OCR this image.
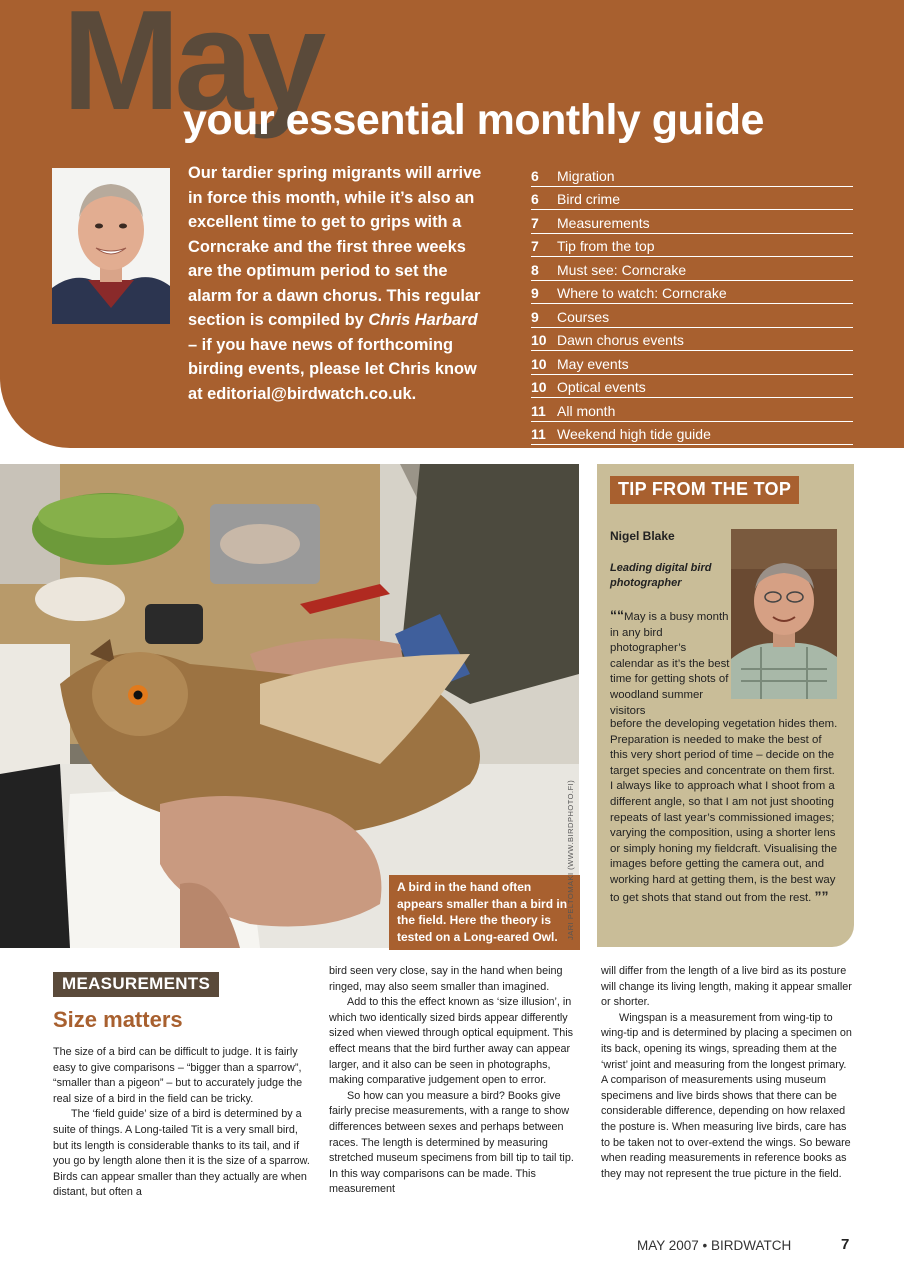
May
your essential monthly guide

Our tardier spring migrants will arrive
in force this month, while it’s also an
excellent time to get to grips with a
Corncrake and the first three weeks
are the optimum period to set the
alarm for a dawn chorus. This regular
section is compiled by Chris Harbard
– if you have news of forthcoming
birding events, please let Chris know
at editorial@birdwatch.co.uk.

6	Migration
6	Bird crime
7	Measurements
7	Tip from the top
8	Must see: Corncrake
9	Where to watch: Corncrake
9	Courses
10 Dawn chorus events
10 May events
10 Optical events
11 All month
11 Weekend high tide guide
A bird in the hand often appears smaller than a bird in the field. Here the theory is tested on a Long-eared Owl.	JARI PELTOMAKI (WWW.BIRDPHOTO.FI)
TIP FROM THE TOP
Nigel Blake
Leading digital bird photographer
““May is a busy month in any bird photographer’s calendar as it’s the best time for getting shots of woodland summer visitors
before the developing vegetation hides them. Preparation is needed to make the best of this very short period of time – decide on the target species and concentrate on them first. I always like to approach what I shoot from a different angle, so that I am not just shooting repeats of last year’s commissioned images; varying the composition, using a shorter lens or simply honing my fieldcraft. Visualising the images before getting the camera out, and working hard at getting them, is the best way to get shots that stand out from the rest. ””
MEASUREMENTS
Size matters

The size of a bird can be difficult to judge. It is fairly easy to give comparisons – “bigger than a sparrow”, “smaller than a pigeon” – but to accurately judge the real size of a bird in the field can be tricky.

The ‘field guide’ size of a bird is determined by a suite of things. A Long-tailed Tit is a very small bird, but its length is considerable thanks to its tail, and if you go by length alone then it is the size of a sparrow. Birds can appear smaller than they actually are when distant, but often a

bird seen very close, say in the hand when being ringed, may also seem smaller than imagined.

Add to this the effect known as ‘size illusion’, in which two identically sized birds appear differently sized when viewed through optical equipment. This effect means that the bird further away can appear larger, and it also can be seen in photographs, making comparative judgement open to error.

So how can you measure a bird? Books give fairly precise measurements, with a range to show differences between sexes and perhaps between races. The length is determined by measuring stretched museum specimens from bill tip to tail tip. In this way comparisons can be made. This measurement

will differ from the length of a live bird as its posture will change its living length, making it appear smaller or shorter.

Wingspan is a measurement from wing-tip to wing-tip and is determined by placing a specimen on its back, opening its wings, spreading them at the ‘wrist’ joint and measuring from the longest primary. A comparison of measurements using museum specimens and live birds shows that there can be considerable difference, depending on how relaxed the posture is. When measuring live birds, care has to be taken not to over-extend the wings. So beware when reading measurements in reference books as they may not represent the true picture in the field.

MAY 2007 • BIRDWATCH	7
